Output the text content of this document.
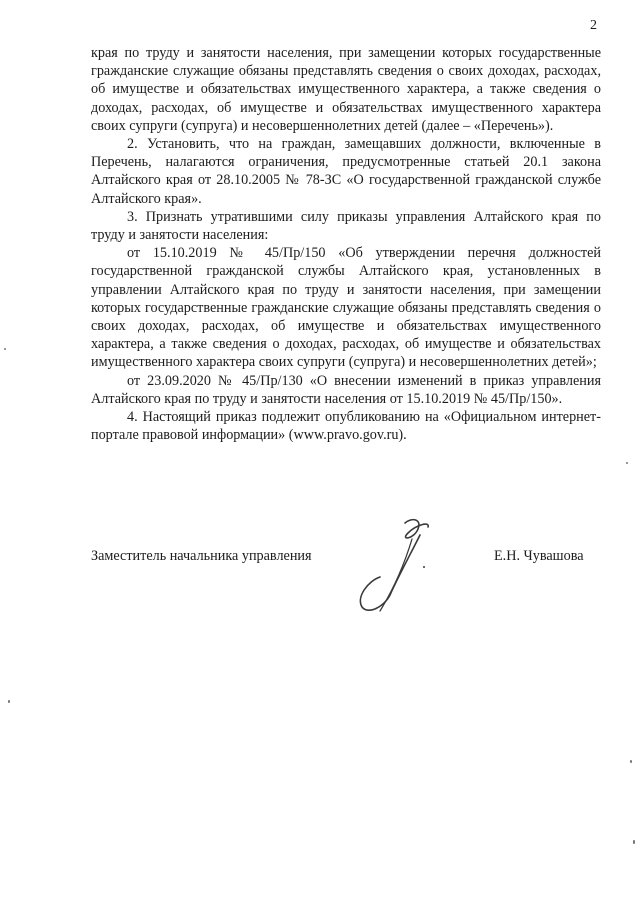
2

края по труду и занятости населения, при замещении которых государственные гражданские служащие обязаны представлять сведения о своих доходах, расходах, об имуществе и обязательствах имущественного характера, а также сведения о доходах, расходах, об имуществе и обязательствах имущественного характера своих супруги (супруга) и несовершеннолетних детей (далее – «Перечень»).

2. Установить, что на граждан, замещавших должности, включенные в Перечень, налагаются ограничения, предусмотренные статьей 20.1 закона Алтайского края от 28.10.2005 № 78-ЗС «О государственной гражданской службе Алтайского края».

3. Признать утратившими силу приказы управления Алтайского края по труду и занятости населения:

от 15.10.2019 № 45/Пр/150 «Об утверждении перечня должностей государственной гражданской службы Алтайского края, установленных в управлении Алтайского края по труду и занятости населения, при замещении которых государственные гражданские служащие обязаны представлять сведения о своих доходах, расходах, об имуществе и обязательствах имущественного характера, а также сведения о доходах, расходах, об имуществе и обязательствах имущественного характера своих супруги (супруга) и несовершеннолетних детей»;

от 23.09.2020 № 45/Пр/130 «О внесении изменений в приказ управления Алтайского края по труду и занятости населения от 15.10.2019 № 45/Пр/150».

4. Настоящий приказ подлежит опубликованию на «Официальном интернет-портале правовой информации» (www.pravo.gov.ru).

Заместитель начальника управления	Е.Н. Чувашова
